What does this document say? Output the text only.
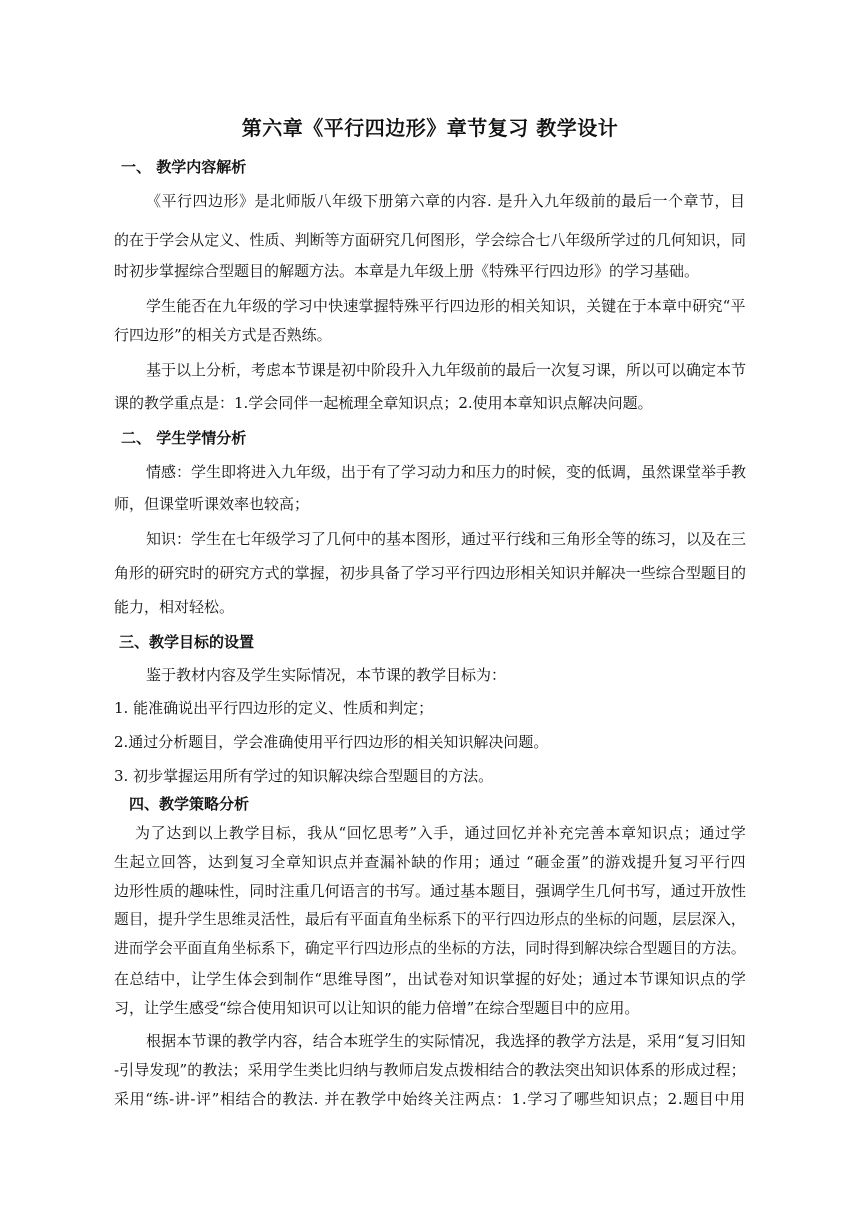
第六章《平行四边形》章节复习 教学设计
一、 教学内容解析
《平行四边形》是北师版八年级下册第六章的内容. 是升入九年级前的最后一个章节，目
的在于学会从定义、性质、判断等方面研究几何图形，学会综合七八年级所学过的几何知识，同
时初步掌握综合型题目的解题方法。本章是九年级上册《特殊平行四边形》的学习基础。
学生能否在九年级的学习中快速掌握特殊平行四边形的相关知识，关键在于本章中研究“平
行四边形”的相关方式是否熟练。
基于以上分析，考虑本节课是初中阶段升入九年级前的最后一次复习课，所以可以确定本节
课的教学重点是：1.学会同伴一起梳理全章知识点；2.使用本章知识点解决问题。
二、 学生学情分析
情感：学生即将进入九年级，出于有了学习动力和压力的时候，变的低调，虽然课堂举手教
师，但课堂听课效率也较高；
知识：学生在七年级学习了几何中的基本图形，通过平行线和三角形全等的练习，以及在三
角形的研究时的研究方式的掌握，初步具备了学习平行四边形相关知识并解决一些综合型题目的
能力，相对轻松。
三、教学目标的设置
鉴于教材内容及学生实际情况，本节课的教学目标为：
1. 能准确说出平行四边形的定义、性质和判定；
2.通过分析题目，学会准确使用平行四边形的相关知识解决问题。
3. 初步掌握运用所有学过的知识解决综合型题目的方法。
四、教学策略分析
为了达到以上教学目标，我从“回忆思考”入手，通过回忆并补充完善本章知识点；通过学
生起立回答，达到复习全章知识点并查漏补缺的作用；通过 “砸金蛋”的游戏提升复习平行四
边形性质的趣味性，同时注重几何语言的书写。通过基本题目，强调学生几何书写，通过开放性
题目，提升学生思维灵活性，最后有平面直角坐标系下的平行四边形点的坐标的问题，层层深入，
进而学会平面直角坐标系下，确定平行四边形点的坐标的方法，同时得到解决综合型题目的方法。
在总结中，让学生体会到制作“思维导图”，出试卷对知识掌握的好处；通过本节课知识点的学
习，让学生感受“综合使用知识可以让知识的能力倍增”在综合型题目中的应用。
根据本节课的教学内容，结合本班学生的实际情况，我选择的教学方法是，采用“复习旧知
-引导发现”的教法；采用学生类比归纳与教师启发点拨相结合的教法突出知识体系的形成过程；
采用“练-讲-评”相结合的教法. 并在教学中始终关注两点：1.学习了哪些知识点；2.题目中用
